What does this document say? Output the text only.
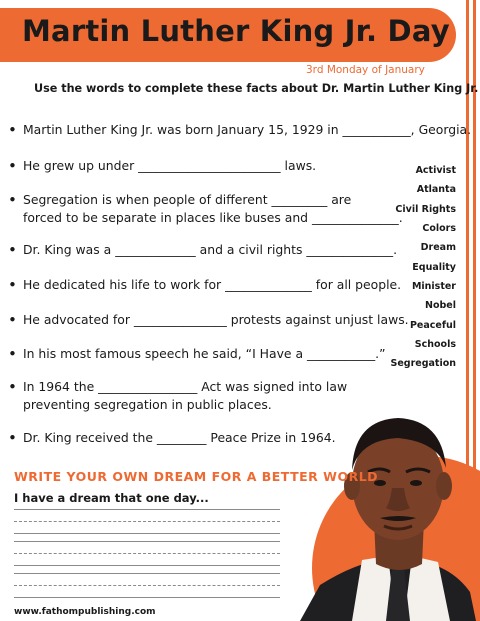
Martin Luther King Jr. Day
3rd Monday of January
Use the words to complete these facts about Dr. Martin Luther King Jr.
• Martin Luther King Jr. was born January 15, 1929 in ___________, Georgia.
• He grew up under _______________________ laws.
• Segregation is when people of different _________ are
forced to be separate in places like buses and ______________.
• Dr. King was a _____________ and a civil rights ______________.
• He dedicated his life to work for ______________ for all people.
• He advocated for _______________ protests against unjust laws.
• In his most famous speech he said, “I Have a ___________.”
• In 1964 the ________________ Act was signed into law
preventing segregation in public places.
• Dr. King received the ________ Peace Prize in 1964.
Activist
Atlanta
Civil Rights
Colors
Dream
Equality
Minister
Nobel
Peaceful
Schools
Segregation
WRITE YOUR OWN DREAM FOR A BETTER WORLD
I have a dream that one day...
www.fathompublishing.com
